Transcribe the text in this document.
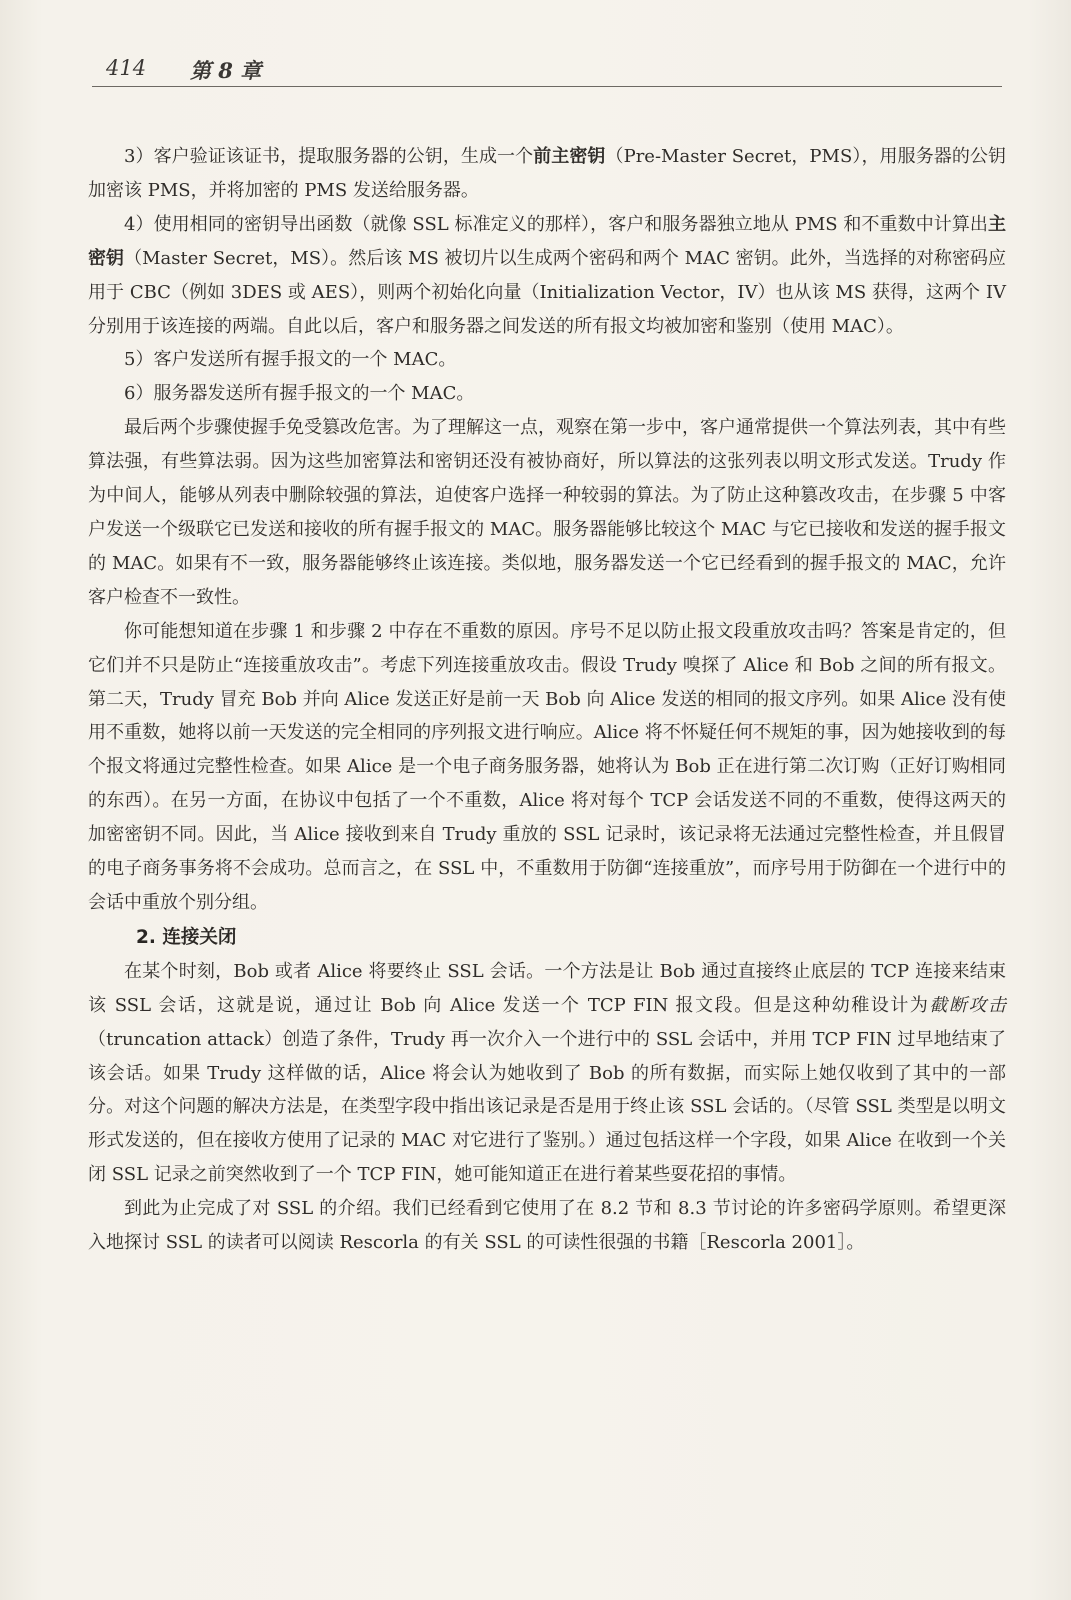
414 第 8 章

3）客户验证该证书，提取服务器的公钥，生成一个前主密钥（Pre-Master Secret，PMS），用服务器的公钥加密该 PMS，并将加密的 PMS 发送给服务器。

4）使用相同的密钥导出函数（就像 SSL 标准定义的那样），客户和服务器独立地从 PMS 和不重数中计算出主密钥（Master Secret，MS）。然后该 MS 被切片以生成两个密码和两个 MAC 密钥。此外，当选择的对称密码应用于 CBC（例如 3DES 或 AES），则两个初始化向量（Initialization Vector，IV）也从该 MS 获得，这两个 IV 分别用于该连接的两端。自此以后，客户和服务器之间发送的所有报文均被加密和鉴别（使用 MAC）。

5）客户发送所有握手报文的一个 MAC。

6）服务器发送所有握手报文的一个 MAC。

最后两个步骤使握手免受篡改危害。为了理解这一点，观察在第一步中，客户通常提供一个算法列表，其中有些算法强，有些算法弱。因为这些加密算法和密钥还没有被协商好，所以算法的这张列表以明文形式发送。Trudy 作为中间人，能够从列表中删除较强的算法，迫使客户选择一种较弱的算法。为了防止这种篡改攻击，在步骤 5 中客户发送一个级联它已发送和接收的所有握手报文的 MAC。服务器能够比较这个 MAC 与它已接收和发送的握手报文的 MAC。如果有不一致，服务器能够终止该连接。类似地，服务器发送一个它已经看到的握手报文的 MAC，允许客户检查不一致性。

你可能想知道在步骤 1 和步骤 2 中存在不重数的原因。序号不足以防止报文段重放攻击吗？答案是肯定的，但它们并不只是防止“连接重放攻击”。考虑下列连接重放攻击。假设 Trudy 嗅探了 Alice 和 Bob 之间的所有报文。第二天，Trudy 冒充 Bob 并向 Alice 发送正好是前一天 Bob 向 Alice 发送的相同的报文序列。如果 Alice 没有使用不重数，她将以前一天发送的完全相同的序列报文进行响应。Alice 将不怀疑任何不规矩的事，因为她接收到的每个报文将通过完整性检查。如果 Alice 是一个电子商务服务器，她将认为 Bob 正在进行第二次订购（正好订购相同的东西）。在另一方面，在协议中包括了一个不重数，Alice 将对每个 TCP 会话发送不同的不重数，使得这两天的加密密钥不同。因此，当 Alice 接收到来自 Trudy 重放的 SSL 记录时，该记录将无法通过完整性检查，并且假冒的电子商务事务将不会成功。总而言之，在 SSL 中，不重数用于防御“连接重放”，而序号用于防御在一个进行中的会话中重放个别分组。

2. 连接关闭

在某个时刻，Bob 或者 Alice 将要终止 SSL 会话。一个方法是让 Bob 通过直接终止底层的 TCP 连接来结束该 SSL 会话，这就是说，通过让 Bob 向 Alice 发送一个 TCP FIN 报文段。但是这种幼稚设计为截断攻击（truncation attack）创造了条件，Trudy 再一次介入一个进行中的 SSL 会话中，并用 TCP FIN 过早地结束了该会话。如果 Trudy 这样做的话，Alice 将会认为她收到了 Bob 的所有数据，而实际上她仅收到了其中的一部分。对这个问题的解决方法是，在类型字段中指出该记录是否是用于终止该 SSL 会话的。（尽管 SSL 类型是以明文形式发送的，但在接收方使用了记录的 MAC 对它进行了鉴别。）通过包括这样一个字段，如果 Alice 在收到一个关闭 SSL 记录之前突然收到了一个 TCP FIN，她可能知道正在进行着某些耍花招的事情。

到此为止完成了对 SSL 的介绍。我们已经看到它使用了在 8.2 节和 8.3 节讨论的许多密码学原则。希望更深入地探讨 SSL 的读者可以阅读 Rescorla 的有关 SSL 的可读性很强的书籍［Rescorla 2001］。
